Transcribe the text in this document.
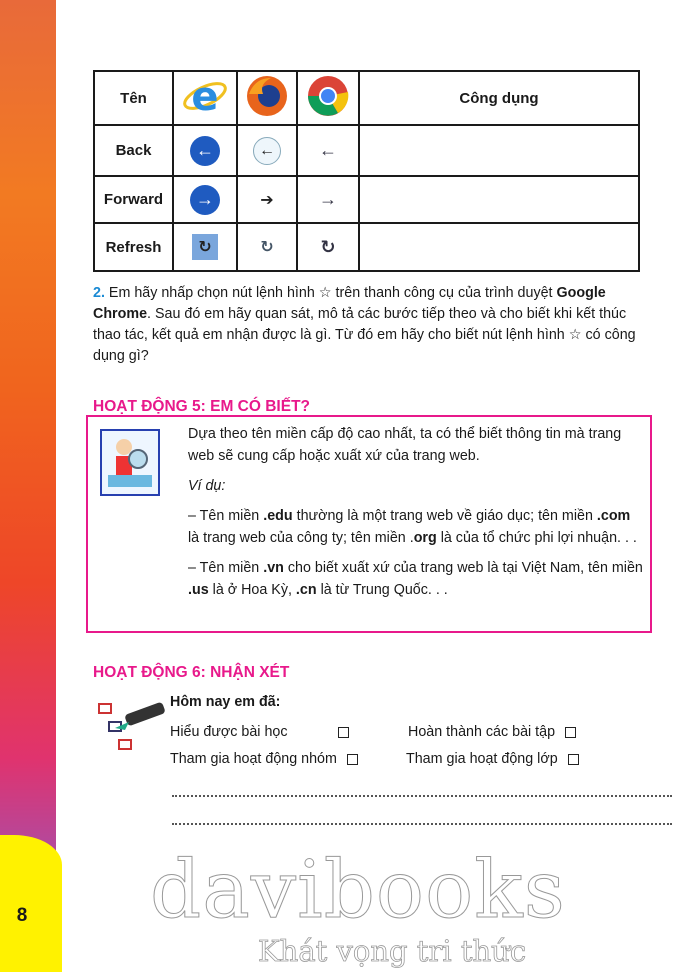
8
Tên	e			Công dụng
Back	←	←	←	
Forward	→	➔	→	
Refresh	↻	↻	↻	
2. Em hãy nhấp chọn nút lệnh hình ☆ trên thanh công cụ của trình duyệt Google Chrome. Sau đó em hãy quan sát, mô tả các bước tiếp theo và cho biết khi kết thúc thao tác, kết quả em nhận được là gì. Từ đó em hãy cho biết nút lệnh hình ☆ có công dụng gì?
HOẠT ĐỘNG 5: EM CÓ BIẾT?

Dựa theo tên miền cấp độ cao nhất, ta có thể biết thông tin mà trang web sẽ cung cấp hoặc xuất xứ của trang web.

Ví dụ:

– Tên miền .edu thường là một trang web về giáo dục; tên miền .com là trang web của công ty; tên miền .org là của tổ chức phi lợi nhuận. . .

– Tên miền .vn cho biết xuất xứ của trang web là tại Việt Nam, tên miền .us là ở Hoa Kỳ, .cn là từ Trung Quốc. . .

HOẠT ĐỘNG 6: NHẬN XÉT
Hôm nay em đã:
Hiểu được bài học	Hoàn thành các bài tập
Tham gia hoạt động nhóm	Tham gia hoạt động lớp
davibooks
Khát vọng tri thức
